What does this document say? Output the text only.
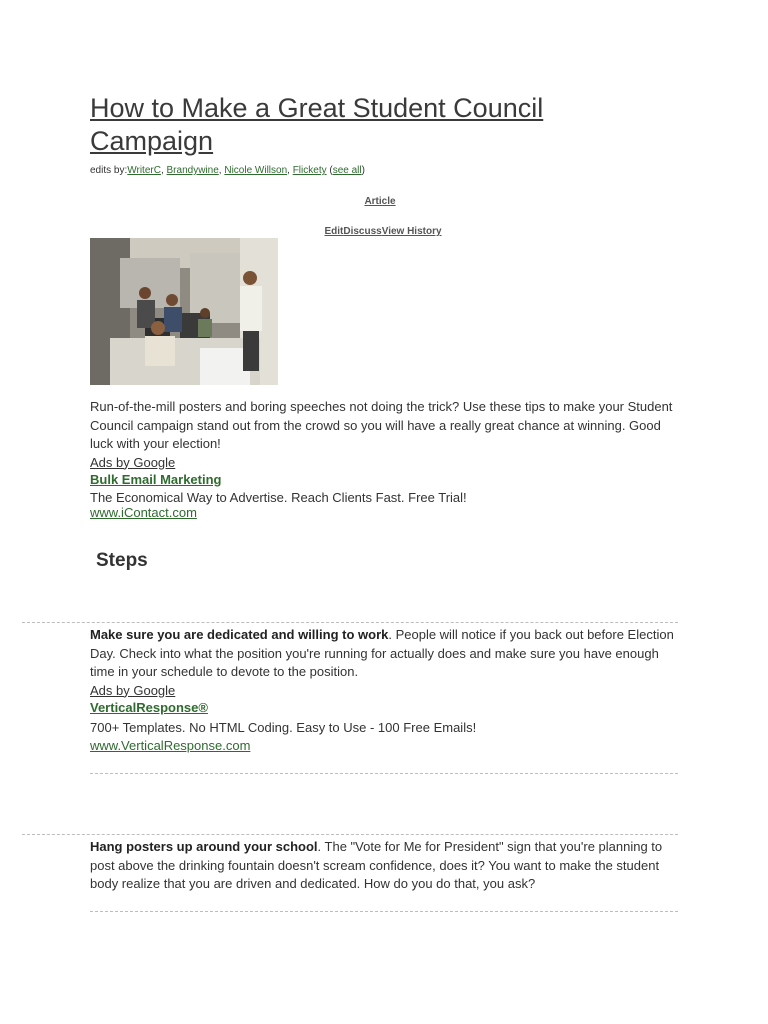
How to Make a Great Student Council Campaign
edits by:WriterC, Brandywine, Nicole Willson, Flickety (see all)
Article
EditDiscussView History
Run-of-the-mill posters and boring speeches not doing the trick? Use these tips to make your Student Council campaign stand out from the crowd so you will have a really great chance at winning. Good luck with your election!
Ads by Google
Bulk Email Marketing
The Economical Way to Advertise. Reach Clients Fast. Free Trial!
www.iContact.com
Steps
Make sure you are dedicated and willing to work. People will notice if you back out before Election Day. Check into what the position you're running for actually does and make sure you have enough time in your schedule to devote to the position.
Ads by Google
VerticalResponse®
700+ Templates. No HTML Coding. Easy to Use - 100 Free Emails!
www.VerticalResponse.com
Hang posters up around your school. The "Vote for Me for President" sign that you're planning to post above the drinking fountain doesn't scream confidence, does it? You want to make the student body realize that you are driven and dedicated. How do you do that, you ask?
